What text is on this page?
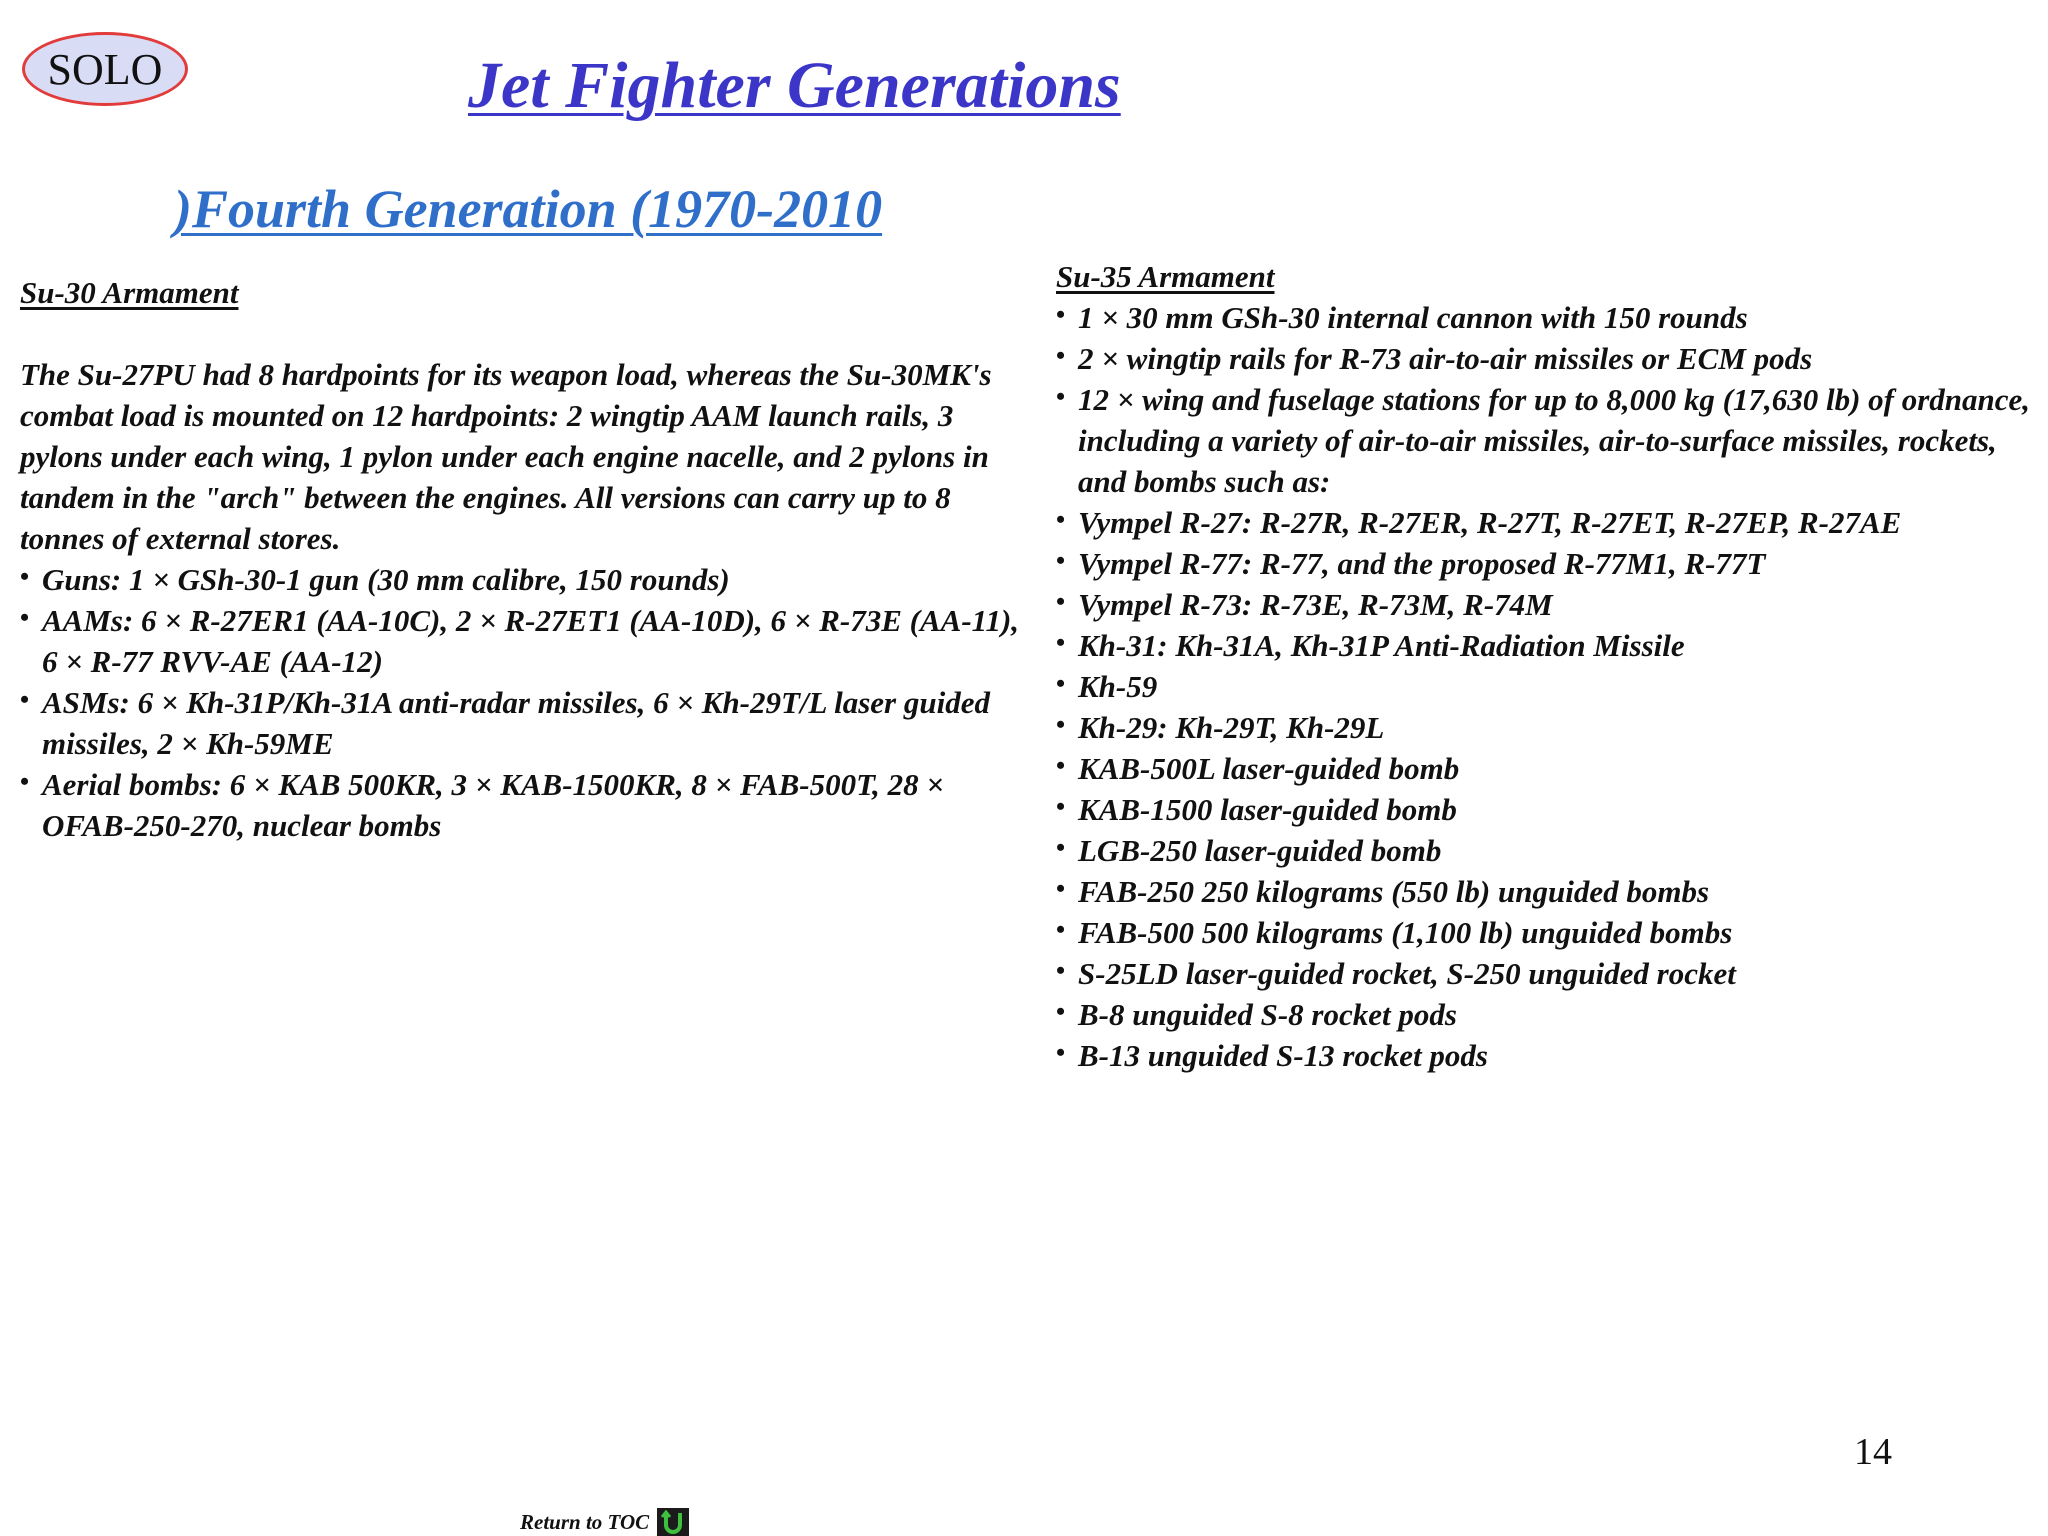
SOLO	Jet Fighter Generations
)Fourth Generation (1970-2010
Su-30 Armament
The Su-27PU had 8 hardpoints for its weapon load, whereas the Su-30MK's combat load is mounted on 12 hardpoints: 2 wingtip AAM launch rails, 3 pylons under each wing, 1 pylon under each engine nacelle, and 2 pylons in tandem in the "arch" between the engines. All versions can carry up to 8 tonnes of external stores.
• Guns: 1 × GSh-30-1 gun (30 mm calibre, 150 rounds)
• AAMs: 6 × R-27ER1 (AA-10C), 2 × R-27ET1 (AA-10D), 6 × R-73E (AA-11), 6 × R-77 RVV-AE (AA-12)
• ASMs: 6 × Kh-31P/Kh-31A anti-radar missiles, 6 × Kh-29T/L laser guided missiles, 2 × Kh-59ME
• Aerial bombs: 6 × KAB 500KR, 3 × KAB-1500KR, 8 × FAB-500T, 28 × OFAB-250-270, nuclear bombs
Su-35 Armament
• 1 × 30 mm GSh-30 internal cannon with 150 rounds
• 2 × wingtip rails for R-73 air-to-air missiles or ECM pods
• 12 × wing and fuselage stations for up to 8,000 kg (17,630 lb) of ordnance, including a variety of air-to-air missiles, air-to-surface missiles, rockets, and bombs such as:
• Vympel R-27: R-27R, R-27ER, R-27T, R-27ET, R-27EP, R-27AE
• Vympel R-77: R-77, and the proposed R-77M1, R-77T
• Vympel R-73: R-73E, R-73M, R-74M
• Kh-31: Kh-31A, Kh-31P Anti-Radiation Missile
• Kh-59
• Kh-29: Kh-29T, Kh-29L
• KAB-500L laser-guided bomb
• KAB-1500 laser-guided bomb
• LGB-250 laser-guided bomb
• FAB-250 250 kilograms (550 lb) unguided bombs
• FAB-500 500 kilograms (1,100 lb) unguided bombs
• S-25LD laser-guided rocket, S-250 unguided rocket
• B-8 unguided S-8 rocket pods
• B-13 unguided S-13 rocket pods
14
Return to TOC
